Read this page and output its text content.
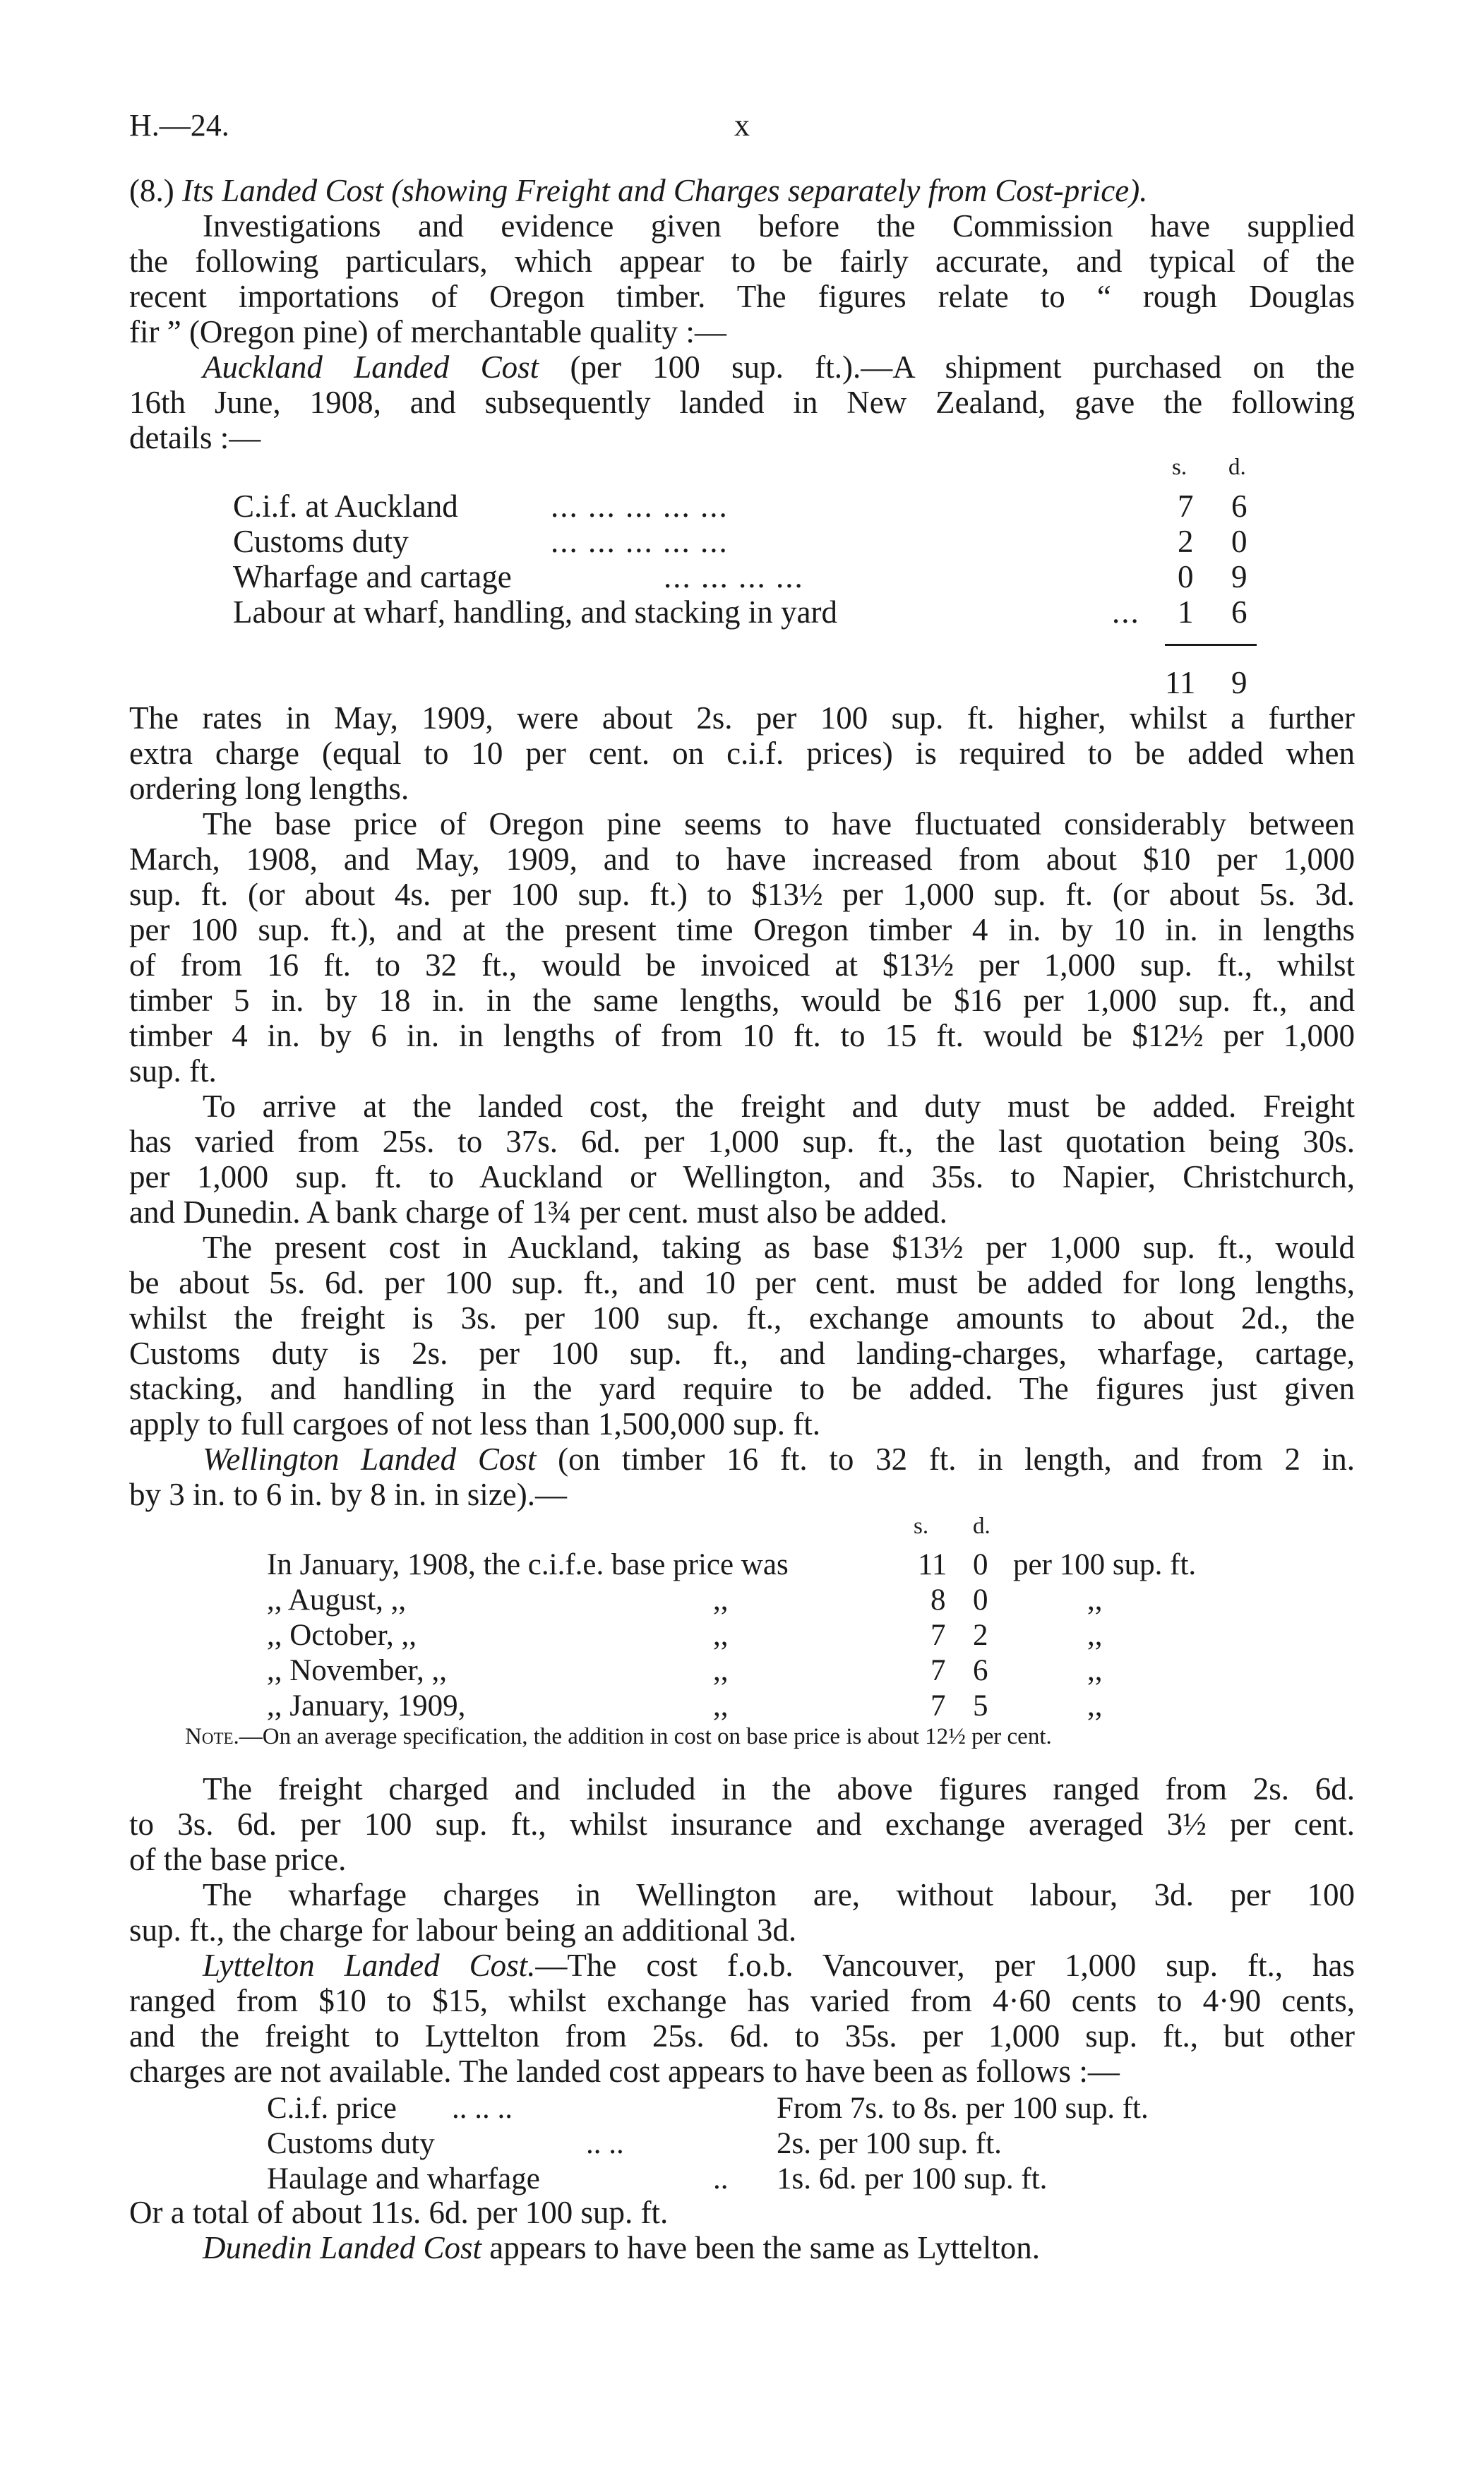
H.—24.	x
(8.) Its Landed Cost (showing Freight and Charges separately from Cost-price).
Investigations and evidence given before the Commission have supplied
the following particulars, which appear to be fairly accurate, and typical of the
recent importations of Oregon timber. The figures relate to “ rough Douglas
fir ” (Oregon pine) of merchantable quality :—
Auckland Landed Cost (per 100 sup. ft.).—A shipment purchased on the
16th June, 1908, and subsequently landed in New Zealand, gave the following
details :—
s. d.
C.i.f. at Auckland	... ... ... ... ...	7 6
Customs duty	... ... ... ... ...	2 0
Wharfage and cartage	... ... ... ...	0 9
Labour at wharf, handling, and stacking in yard	... 1 6
11 9
The rates in May, 1909, were about 2s. per 100 sup. ft. higher, whilst a further
extra charge (equal to 10 per cent. on c.i.f. prices) is required to be added when
ordering long lengths.
The base price of Oregon pine seems to have fluctuated considerably between
March, 1908, and May, 1909, and to have increased from about $10 per 1,000
sup. ft. (or about 4s. per 100 sup. ft.) to $13½ per 1,000 sup. ft. (or about 5s. 3d.
per 100 sup. ft.), and at the present time Oregon timber 4 in. by 10 in. in lengths
of from 16 ft. to 32 ft., would be invoiced at $13½ per 1,000 sup. ft., whilst
timber 5 in. by 18 in. in the same lengths, would be $16 per 1,000 sup. ft., and
timber 4 in. by 6 in. in lengths of from 10 ft. to 15 ft. would be $12½ per 1,000
sup. ft.
To arrive at the landed cost, the freight and duty must be added. Freight
has varied from 25s. to 37s. 6d. per 1,000 sup. ft., the last quotation being 30s.
per 1,000 sup. ft. to Auckland or Wellington, and 35s. to Napier, Christchurch,
and Dunedin. A bank charge of 1¾ per cent. must also be added.
The present cost in Auckland, taking as base $13½ per 1,000 sup. ft., would
be about 5s. 6d. per 100 sup. ft., and 10 per cent. must be added for long lengths,
whilst the freight is 3s. per 100 sup. ft., exchange amounts to about 2d., the
Customs duty is 2s. per 100 sup. ft., and landing-charges, wharfage, cartage,
stacking, and handling in the yard require to be added. The figures just given
apply to full cargoes of not less than 1,500,000 sup. ft.
Wellington Landed Cost (on timber 16 ft. to 32 ft. in length, and from 2 in.
by 3 in. to 6 in. by 8 in. in size).—
s. d.
In January, 1908, the c.i.f.e. base price was	11 0 per 100 sup. ft.
,, August, ,,	,,	8 0	,,
,, October, ,,	,,	7 2	,,
,, November, ,,	,,	7 6	,,
,, January, 1909,	,,	7 5	,,
Note.—On an average specification, the addition in cost on base price is about 12½ per cent.
The freight charged and included in the above figures ranged from 2s. 6d.
to 3s. 6d. per 100 sup. ft., whilst insurance and exchange averaged 3½ per cent.
of the base price.
The wharfage charges in Wellington are, without labour, 3d. per 100
sup. ft., the charge for labour being an additional 3d.
Lyttelton Landed Cost.—The cost f.o.b. Vancouver, per 1,000 sup. ft., has
ranged from $10 to $15, whilst exchange has varied from 4·60 cents to 4·90 cents,
and the freight to Lyttelton from 25s. 6d. to 35s. per 1,000 sup. ft., but other
charges are not available. The landed cost appears to have been as follows :—
C.i.f. price .. .. ..	From 7s. to 8s. per 100 sup. ft.
Customs duty	.. ..	2s. per 100 sup. ft.
Haulage and wharfage	.. 1s. 6d. per 100 sup. ft.
Or a total of about 11s. 6d. per 100 sup. ft.
Dunedin Landed Cost appears to have been the same as Lyttelton.
